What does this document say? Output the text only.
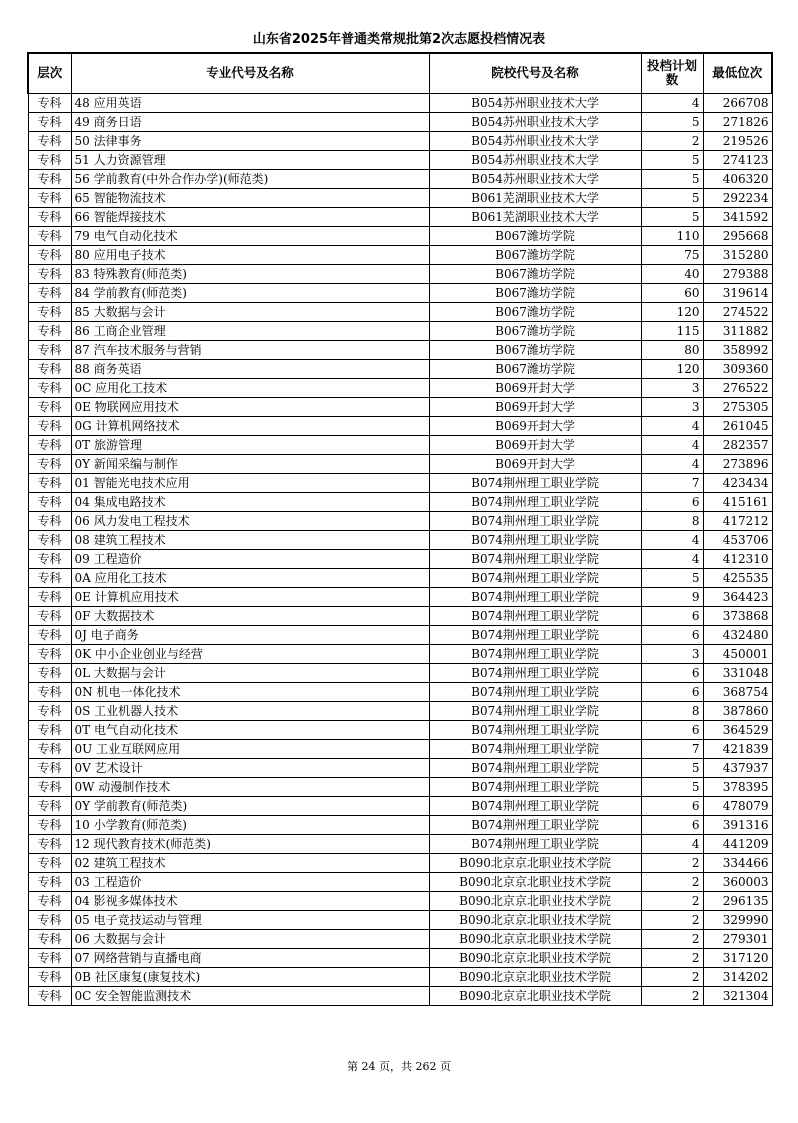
山东省2025年普通类常规批第2次志愿投档情况表
层次	专业代号及名称	院校代号及名称	投档计划数	最低位次
专科	48 应用英语	B054苏州职业技术大学	4	266708
专科	49 商务日语	B054苏州职业技术大学	5	271826
专科	50 法律事务	B054苏州职业技术大学	2	219526
专科	51 人力资源管理	B054苏州职业技术大学	5	274123
专科	56 学前教育(中外合作办学)(师范类)	B054苏州职业技术大学	5	406320
专科	65 智能物流技术	B061芜湖职业技术大学	5	292234
专科	66 智能焊接技术	B061芜湖职业技术大学	5	341592
专科	79 电气自动化技术	B067潍坊学院	110	295668
专科	80 应用电子技术	B067潍坊学院	75	315280
专科	83 特殊教育(师范类)	B067潍坊学院	40	279388
专科	84 学前教育(师范类)	B067潍坊学院	60	319614
专科	85 大数据与会计	B067潍坊学院	120	274522
专科	86 工商企业管理	B067潍坊学院	115	311882
专科	87 汽车技术服务与营销	B067潍坊学院	80	358992
专科	88 商务英语	B067潍坊学院	120	309360
专科	0C 应用化工技术	B069开封大学	3	276522
专科	0E 物联网应用技术	B069开封大学	3	275305
专科	0G 计算机网络技术	B069开封大学	4	261045
专科	0T 旅游管理	B069开封大学	4	282357
专科	0Y 新闻采编与制作	B069开封大学	4	273896
专科	01 智能光电技术应用	B074荆州理工职业学院	7	423434
专科	04 集成电路技术	B074荆州理工职业学院	6	415161
专科	06 风力发电工程技术	B074荆州理工职业学院	8	417212
专科	08 建筑工程技术	B074荆州理工职业学院	4	453706
专科	09 工程造价	B074荆州理工职业学院	4	412310
专科	0A 应用化工技术	B074荆州理工职业学院	5	425535
专科	0E 计算机应用技术	B074荆州理工职业学院	9	364423
专科	0F 大数据技术	B074荆州理工职业学院	6	373868
专科	0J 电子商务	B074荆州理工职业学院	6	432480
专科	0K 中小企业创业与经营	B074荆州理工职业学院	3	450001
专科	0L 大数据与会计	B074荆州理工职业学院	6	331048
专科	0N 机电一体化技术	B074荆州理工职业学院	6	368754
专科	0S 工业机器人技术	B074荆州理工职业学院	8	387860
专科	0T 电气自动化技术	B074荆州理工职业学院	6	364529
专科	0U 工业互联网应用	B074荆州理工职业学院	7	421839
专科	0V 艺术设计	B074荆州理工职业学院	5	437937
专科	0W 动漫制作技术	B074荆州理工职业学院	5	378395
专科	0Y 学前教育(师范类)	B074荆州理工职业学院	6	478079
专科	10 小学教育(师范类)	B074荆州理工职业学院	6	391316
专科	12 现代教育技术(师范类)	B074荆州理工职业学院	4	441209
专科	02 建筑工程技术	B090北京京北职业技术学院	2	334466
专科	03 工程造价	B090北京京北职业技术学院	2	360003
专科	04 影视多媒体技术	B090北京京北职业技术学院	2	296135
专科	05 电子竞技运动与管理	B090北京京北职业技术学院	2	329990
专科	06 大数据与会计	B090北京京北职业技术学院	2	279301
专科	07 网络营销与直播电商	B090北京京北职业技术学院	2	317120
专科	0B 社区康复(康复技术)	B090北京京北职业技术学院	2	314202
专科	0C 安全智能监测技术	B090北京京北职业技术学院	2	321304
第 24 页，共 262 页
